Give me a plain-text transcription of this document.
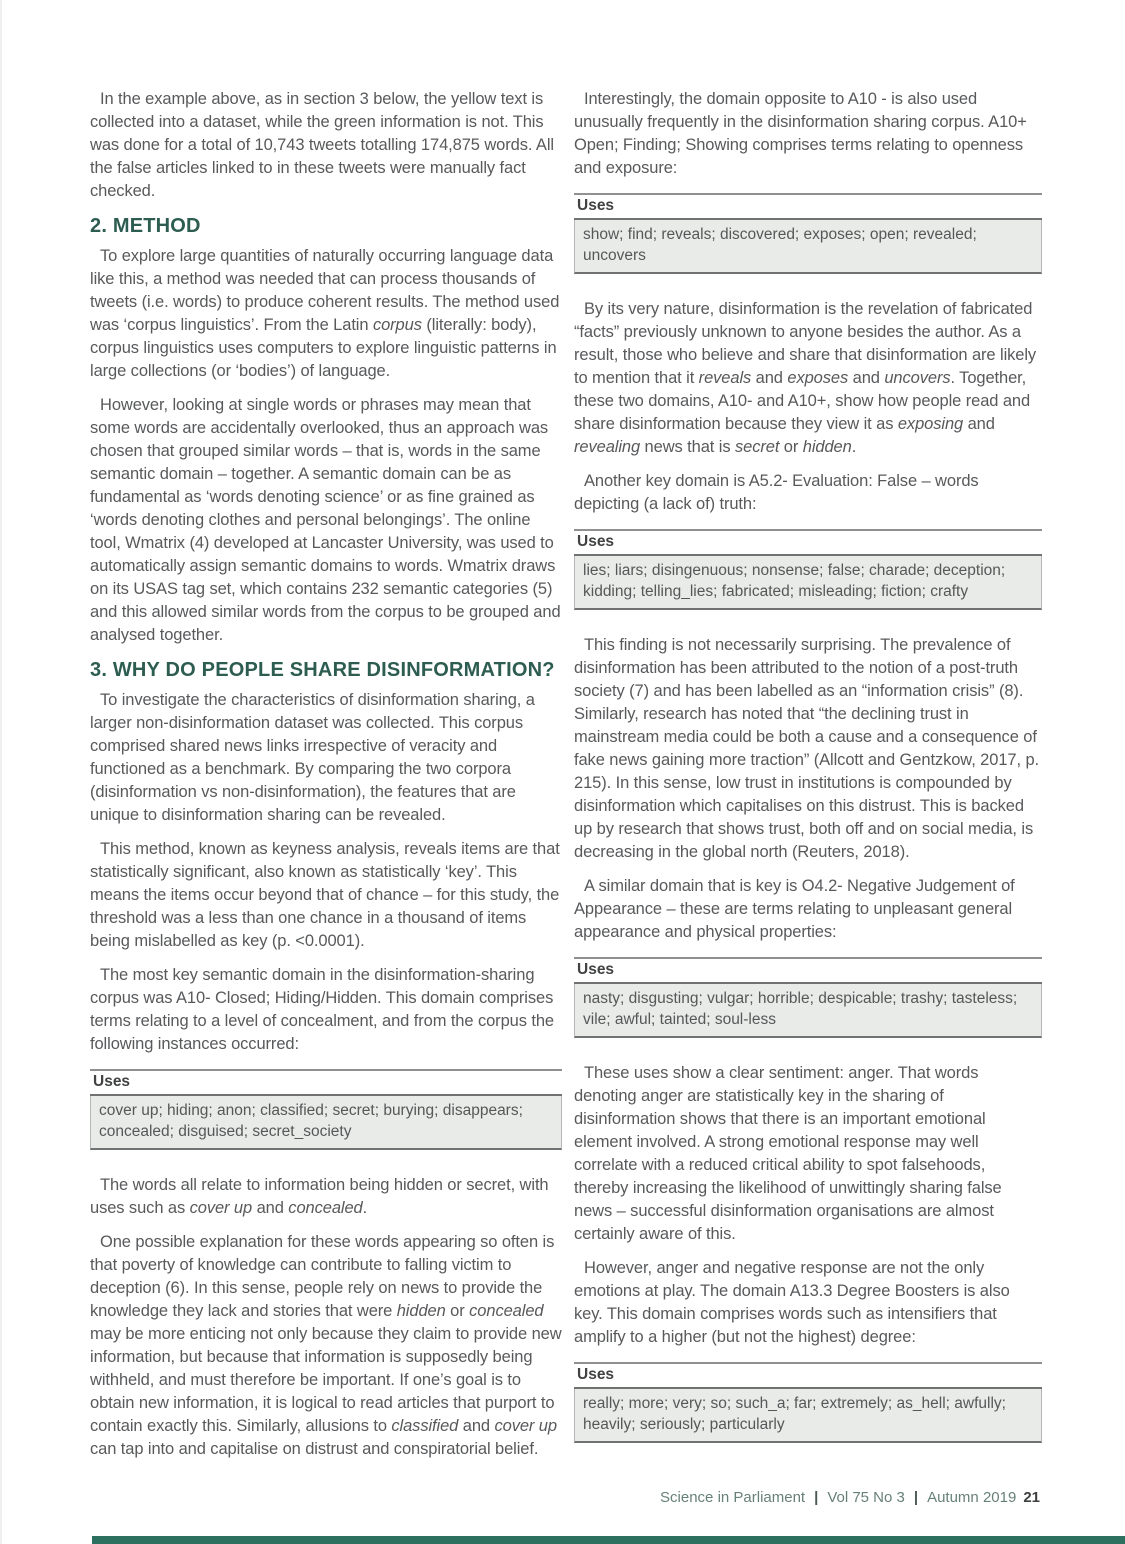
In the example above, as in section 3 below, the yellow text is collected into a dataset, while the green information is not. This was done for a total of 10,743 tweets totalling 174,875 words. All the false articles linked to in these tweets were manually fact checked.

2. METHOD

To explore large quantities of naturally occurring language data like this, a method was needed that can process thousands of tweets (i.e. words) to produce coherent results. The method used was ‘corpus linguistics’. From the Latin corpus (literally: body), corpus linguistics uses computers to explore linguistic patterns in large collections (or ‘bodies’) of language.

However, looking at single words or phrases may mean that some words are accidentally overlooked, thus an approach was chosen that grouped similar words – that is, words in the same semantic domain – together. A semantic domain can be as fundamental as ‘words denoting science’ or as fine grained as ‘words denoting clothes and personal belongings’. The online tool, Wmatrix (4) developed at Lancaster University, was used to automatically assign semantic domains to words. Wmatrix draws on its USAS tag set, which contains 232 semantic categories (5) and this allowed similar words from the corpus to be grouped and analysed together.

3. WHY DO PEOPLE SHARE DISINFORMATION?

To investigate the characteristics of disinformation sharing, a larger non-disinformation dataset was collected. This corpus comprised shared news links irrespective of veracity and functioned as a benchmark. By comparing the two corpora (disinformation vs non-disinformation), the features that are unique to disinformation sharing can be revealed.

This method, known as keyness analysis, reveals items are that statistically significant, also known as statistically ‘key’. This means the items occur beyond that of chance – for this study, the threshold was a less than one chance in a thousand of items being mislabelled as key (p. <0.0001).

The most key semantic domain in the disinformation-sharing corpus was A10- Closed; Hiding/Hidden. This domain comprises terms relating to a level of concealment, and from the corpus the following instances occurred:

Uses
cover up; hiding; anon; classified; secret; burying; disappears; concealed; disguised; secret_society

The words all relate to information being hidden or secret, with uses such as cover up and concealed.

One possible explanation for these words appearing so often is that poverty of knowledge can contribute to falling victim to deception (6). In this sense, people rely on news to provide the knowledge they lack and stories that were hidden or concealed may be more enticing not only because they claim to provide new information, but because that information is supposedly being withheld, and must therefore be important. If one’s goal is to obtain new information, it is logical to read articles that purport to contain exactly this. Similarly, allusions to classified and cover up can tap into and capitalise on distrust and conspiratorial belief.

Interestingly, the domain opposite to A10 - is also used unusually frequently in the disinformation sharing corpus. A10+ Open; Finding; Showing comprises terms relating to openness and exposure:

Uses
show; find; reveals; discovered; exposes; open; revealed; uncovers

By its very nature, disinformation is the revelation of fabricated “facts” previously unknown to anyone besides the author. As a result, those who believe and share that disinformation are likely to mention that it reveals and exposes and uncovers. Together, these two domains, A10- and A10+, show how people read and share disinformation because they view it as exposing and revealing news that is secret or hidden.

Another key domain is A5.2- Evaluation: False – words depicting (a lack of) truth:

Uses
lies; liars; disingenuous; nonsense; false; charade; deception; kidding; telling_lies; fabricated; misleading; fiction; crafty

This finding is not necessarily surprising. The prevalence of disinformation has been attributed to the notion of a post-truth society (7) and has been labelled as an “information crisis” (8). Similarly, research has noted that “the declining trust in mainstream media could be both a cause and a consequence of fake news gaining more traction” (Allcott and Gentzkow, 2017, p. 215). In this sense, low trust in institutions is compounded by disinformation which capitalises on this distrust. This is backed up by research that shows trust, both off and on social media, is decreasing in the global north (Reuters, 2018).

A similar domain that is key is O4.2- Negative Judgement of Appearance – these are terms relating to unpleasant general appearance and physical properties:

Uses
nasty; disgusting; vulgar; horrible; despicable; trashy; tasteless; vile; awful; tainted; soul-less

These uses show a clear sentiment: anger. That words denoting anger are statistically key in the sharing of disinformation shows that there is an important emotional element involved. A strong emotional response may well correlate with a reduced critical ability to spot falsehoods, thereby increasing the likelihood of unwittingly sharing false news – successful disinformation organisations are almost certainly aware of this.

However, anger and negative response are not the only emotions at play. The domain A13.3 Degree Boosters is also key. This domain comprises words such as intensifiers that amplify to a higher (but not the highest) degree:

Uses
really; more; very; so; such_a; far; extremely; as_hell; awfully; heavily; seriously; particularly
Science in Parliament | Vol 75 No 3 | Autumn 2019 21
